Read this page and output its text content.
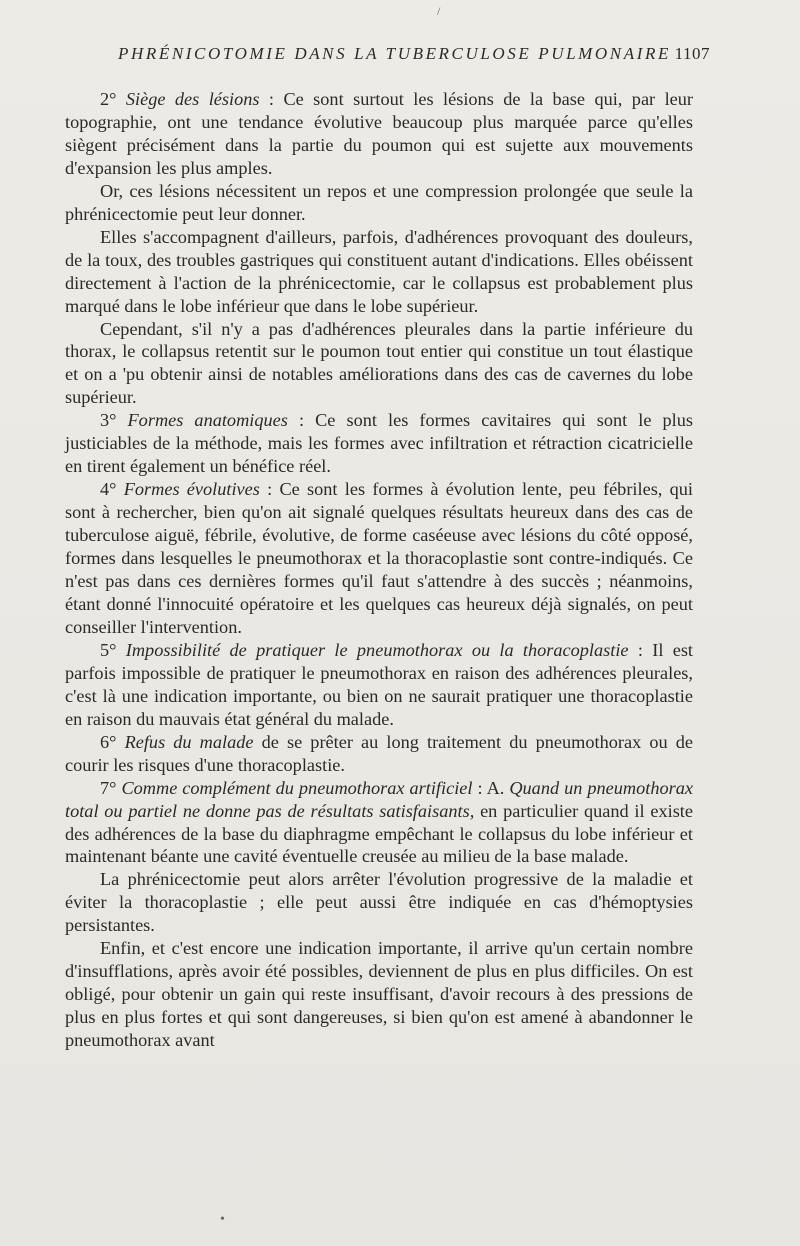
/
•
PHRÉNICOTOMIE DANS LA TUBERCULOSE PULMONAIRE 1107

2° Siège des lésions : Ce sont surtout les lésions de la base qui, par leur topographie, ont une tendance évolutive beaucoup plus marquée parce qu'elles siègent précisément dans la partie du poumon qui est sujette aux mouvements d'expansion les plus amples.

Or, ces lésions nécessitent un repos et une compression prolongée que seule la phrénicectomie peut leur donner.

Elles s'accompagnent d'ailleurs, parfois, d'adhérences provoquant des douleurs, de la toux, des troubles gastriques qui constituent autant d'indications. Elles obéissent directement à l'action de la phrénicectomie, car le collapsus est probablement plus marqué dans le lobe inférieur que dans le lobe supérieur.

Cependant, s'il n'y a pas d'adhérences pleurales dans la partie inférieure du thorax, le collapsus retentit sur le poumon tout entier qui constitue un tout élastique et on a 'pu obtenir ainsi de notables améliorations dans des cas de cavernes du lobe supérieur.

3° Formes anatomiques : Ce sont les formes cavitaires qui sont le plus justiciables de la méthode, mais les formes avec infiltration et rétraction cicatricielle en tirent également un bénéfice réel.

4° Formes évolutives : Ce sont les formes à évolution lente, peu fébriles, qui sont à rechercher, bien qu'on ait signalé quelques résultats heureux dans des cas de tuberculose aiguë, fébrile, évolutive, de forme caséeuse avec lésions du côté opposé, formes dans lesquelles le pneumothorax et la thoracoplastie sont contre-indiqués. Ce n'est pas dans ces dernières formes qu'il faut s'attendre à des succès ; néanmoins, étant donné l'innocuité opératoire et les quelques cas heureux déjà signalés, on peut conseiller l'intervention.

5° Impossibilité de pratiquer le pneumothorax ou la thoracoplastie : Il est parfois impossible de pratiquer le pneumothorax en raison des adhérences pleurales, c'est là une indication importante, ou bien on ne saurait pratiquer une thoracoplastie en raison du mauvais état général du malade.

6° Refus du malade de se prêter au long traitement du pneumothorax ou de courir les risques d'une thoracoplastie.

7° Comme complément du pneumothorax artificiel : A. Quand un pneumothorax total ou partiel ne donne pas de résultats satisfaisants, en particulier quand il existe des adhérences de la base du diaphragme empêchant le collapsus du lobe inférieur et maintenant béante une cavité éventuelle creusée au milieu de la base malade.

La phrénicectomie peut alors arrêter l'évolution progressive de la maladie et éviter la thoracoplastie ; elle peut aussi être indiquée en cas d'hémoptysies persistantes.

Enfin, et c'est encore une indication importante, il arrive qu'un certain nombre d'insufflations, après avoir été possibles, deviennent de plus en plus difficiles. On est obligé, pour obtenir un gain qui reste insuffisant, d'avoir recours à des pressions de plus en plus fortes et qui sont dangereuses, si bien qu'on est amené à abandonner le pneumothorax avant
